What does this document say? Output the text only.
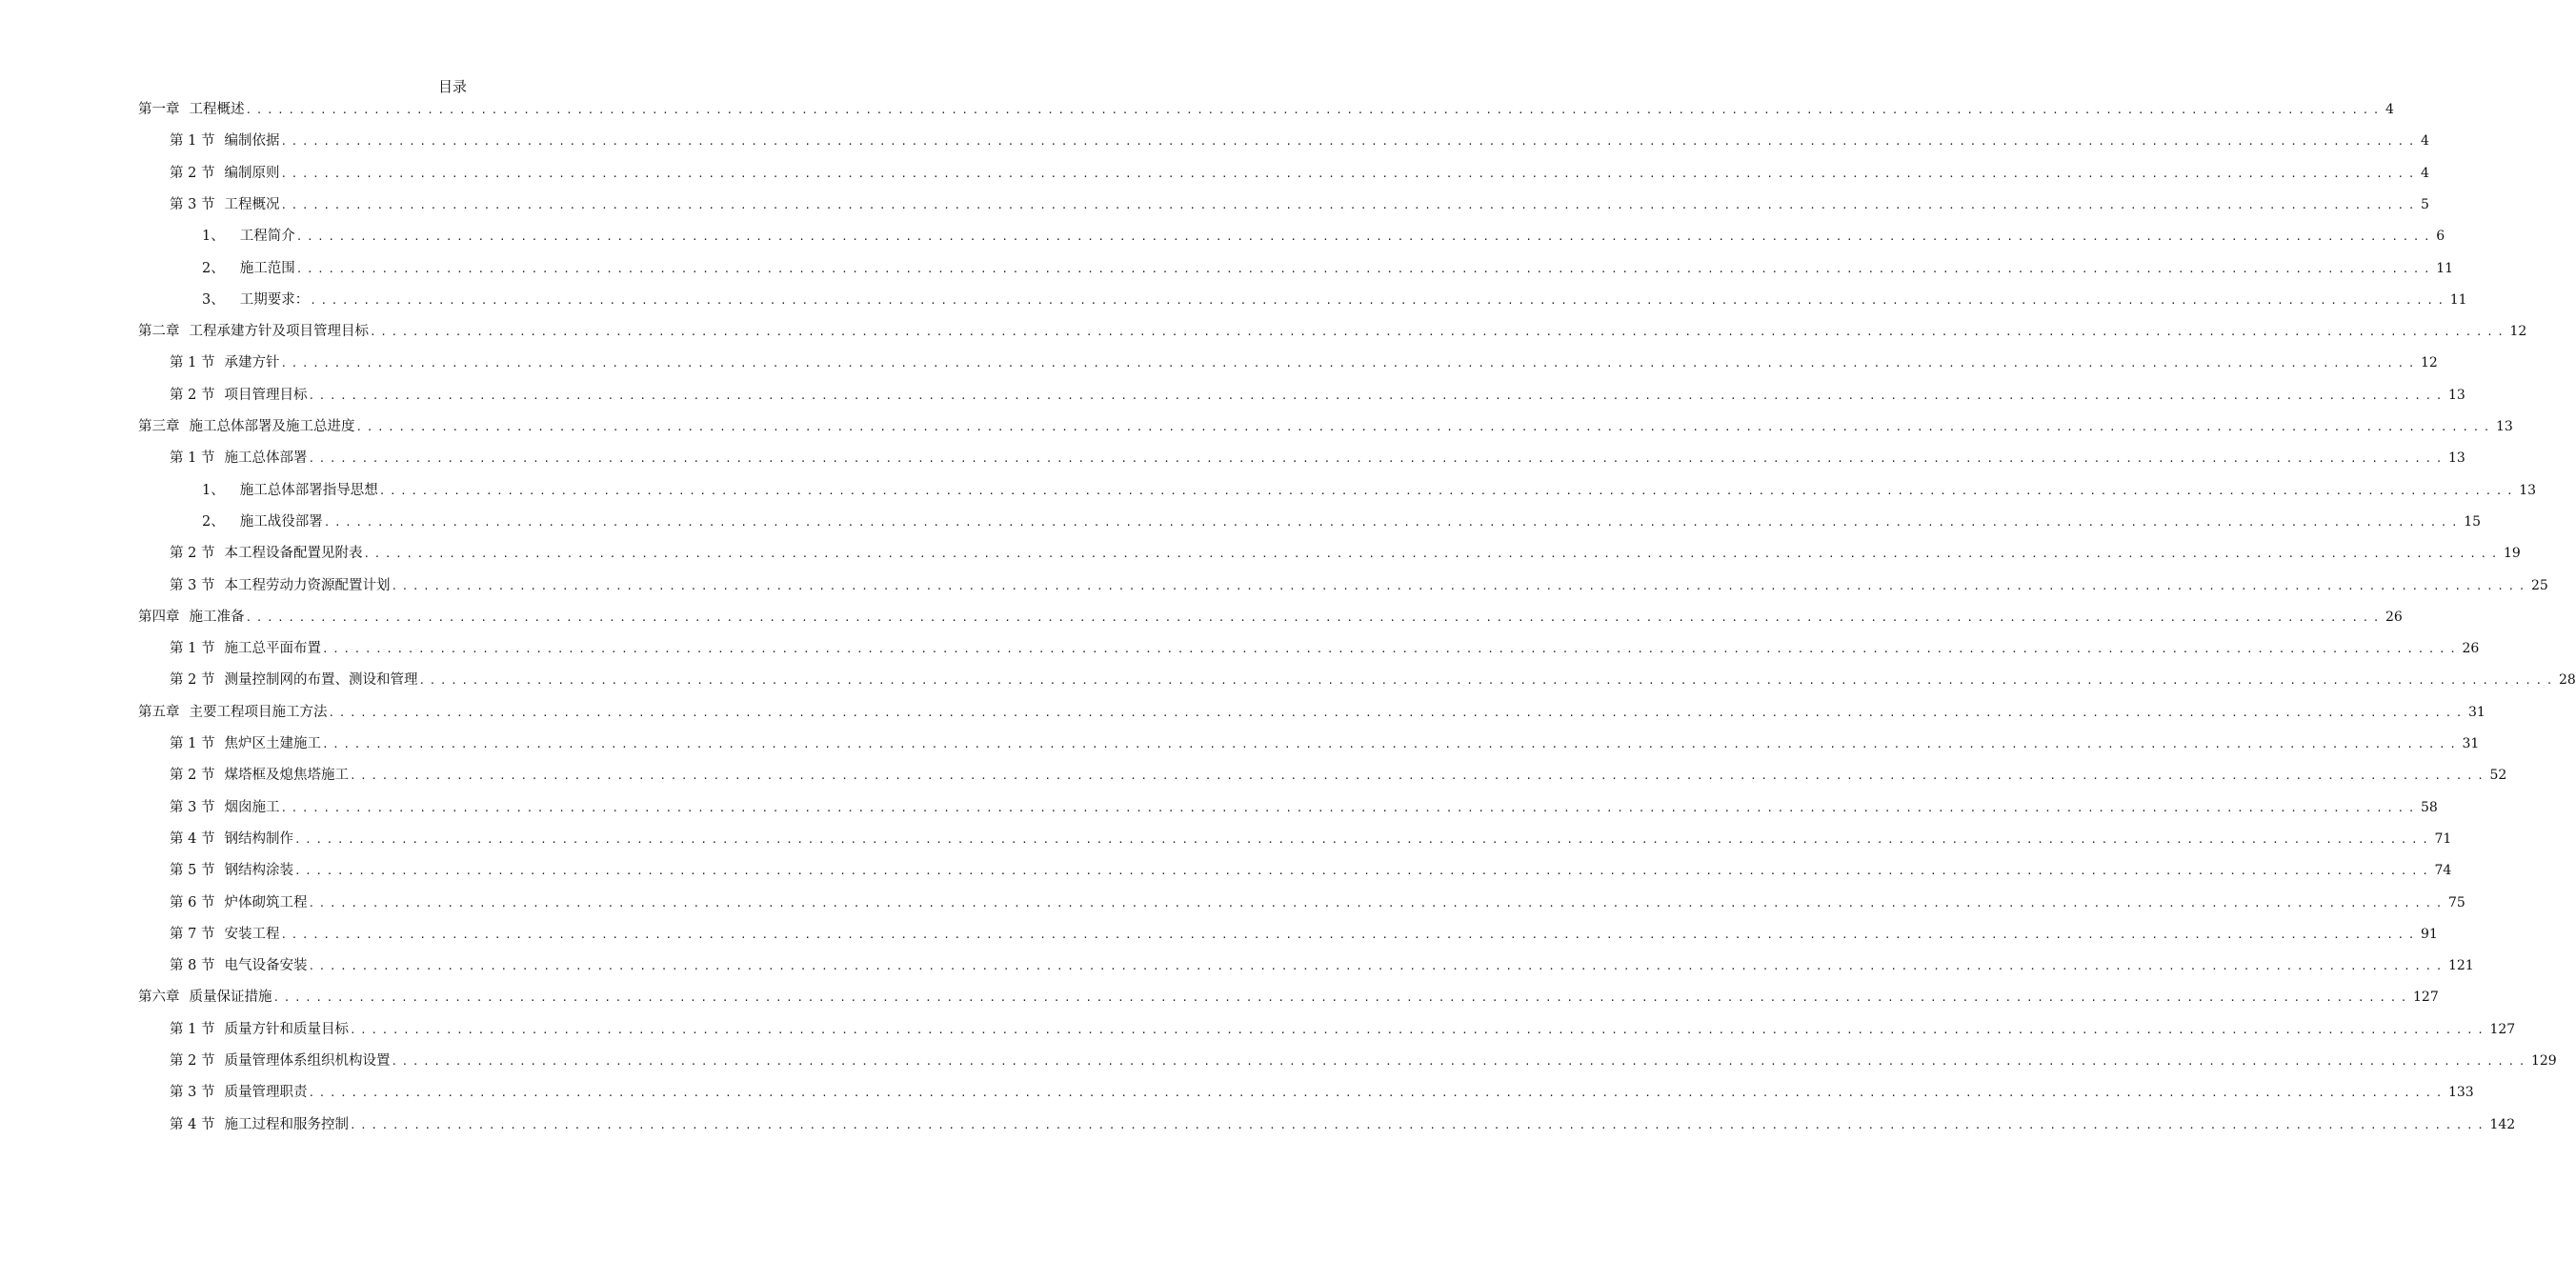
目录
第一章 工程概述 ........................................................................................................................................................................................................ 4
第 1 节 编制依据 ........................................................................................................................................................................................................ 4
第 2 节 编制原则 ........................................................................................................................................................................................................ 4
第 3 节 工程概况 ........................................................................................................................................................................................................ 5
1、 工程简介 ........................................................................................................................................................................................................ 6
2、 施工范围 ........................................................................................................................................................................................................ 11
3、 工期要求： ........................................................................................................................................................................................................ 11
第二章 工程承建方针及项目管理目标 ........................................................................................................................................................................................................ 12
第 1 节 承建方针 ........................................................................................................................................................................................................ 12
第 2 节 项目管理目标 ........................................................................................................................................................................................................ 13
第三章 施工总体部署及施工总进度 ........................................................................................................................................................................................................ 13
第 1 节 施工总体部署 ........................................................................................................................................................................................................ 13
1、 施工总体部署指导思想 ........................................................................................................................................................................................................ 13
2、 施工战役部署 ........................................................................................................................................................................................................ 15
第 2 节 本工程设备配置见附表 ........................................................................................................................................................................................................ 19
第 3 节 本工程劳动力资源配置计划 ........................................................................................................................................................................................................ 25
第四章 施工准备 ........................................................................................................................................................................................................ 26
第 1 节 施工总平面布置 ........................................................................................................................................................................................................ 26
第 2 节 测量控制网的布置、测设和管理 ........................................................................................................................................................................................................ 28
第五章 主要工程项目施工方法 ........................................................................................................................................................................................................ 31
第 1 节 焦炉区土建施工 ........................................................................................................................................................................................................ 31
第 2 节 煤塔框及熄焦塔施工 ........................................................................................................................................................................................................ 52
第 3 节 烟囱施工 ........................................................................................................................................................................................................ 58
第 4 节 钢结构制作 ........................................................................................................................................................................................................ 71
第 5 节 钢结构涂装 ........................................................................................................................................................................................................ 74
第 6 节 炉体砌筑工程 ........................................................................................................................................................................................................ 75
第 7 节 安装工程 ........................................................................................................................................................................................................ 91
第 8 节 电气设备安装 ........................................................................................................................................................................................................ 121
第六章 质量保证措施 ........................................................................................................................................................................................................ 127
第 1 节 质量方针和质量目标 ........................................................................................................................................................................................................ 127
第 2 节 质量管理体系组织机构设置 ........................................................................................................................................................................................................ 129
第 3 节 质量管理职责 ........................................................................................................................................................................................................ 133
第 4 节 施工过程和服务控制 ........................................................................................................................................................................................................ 142
